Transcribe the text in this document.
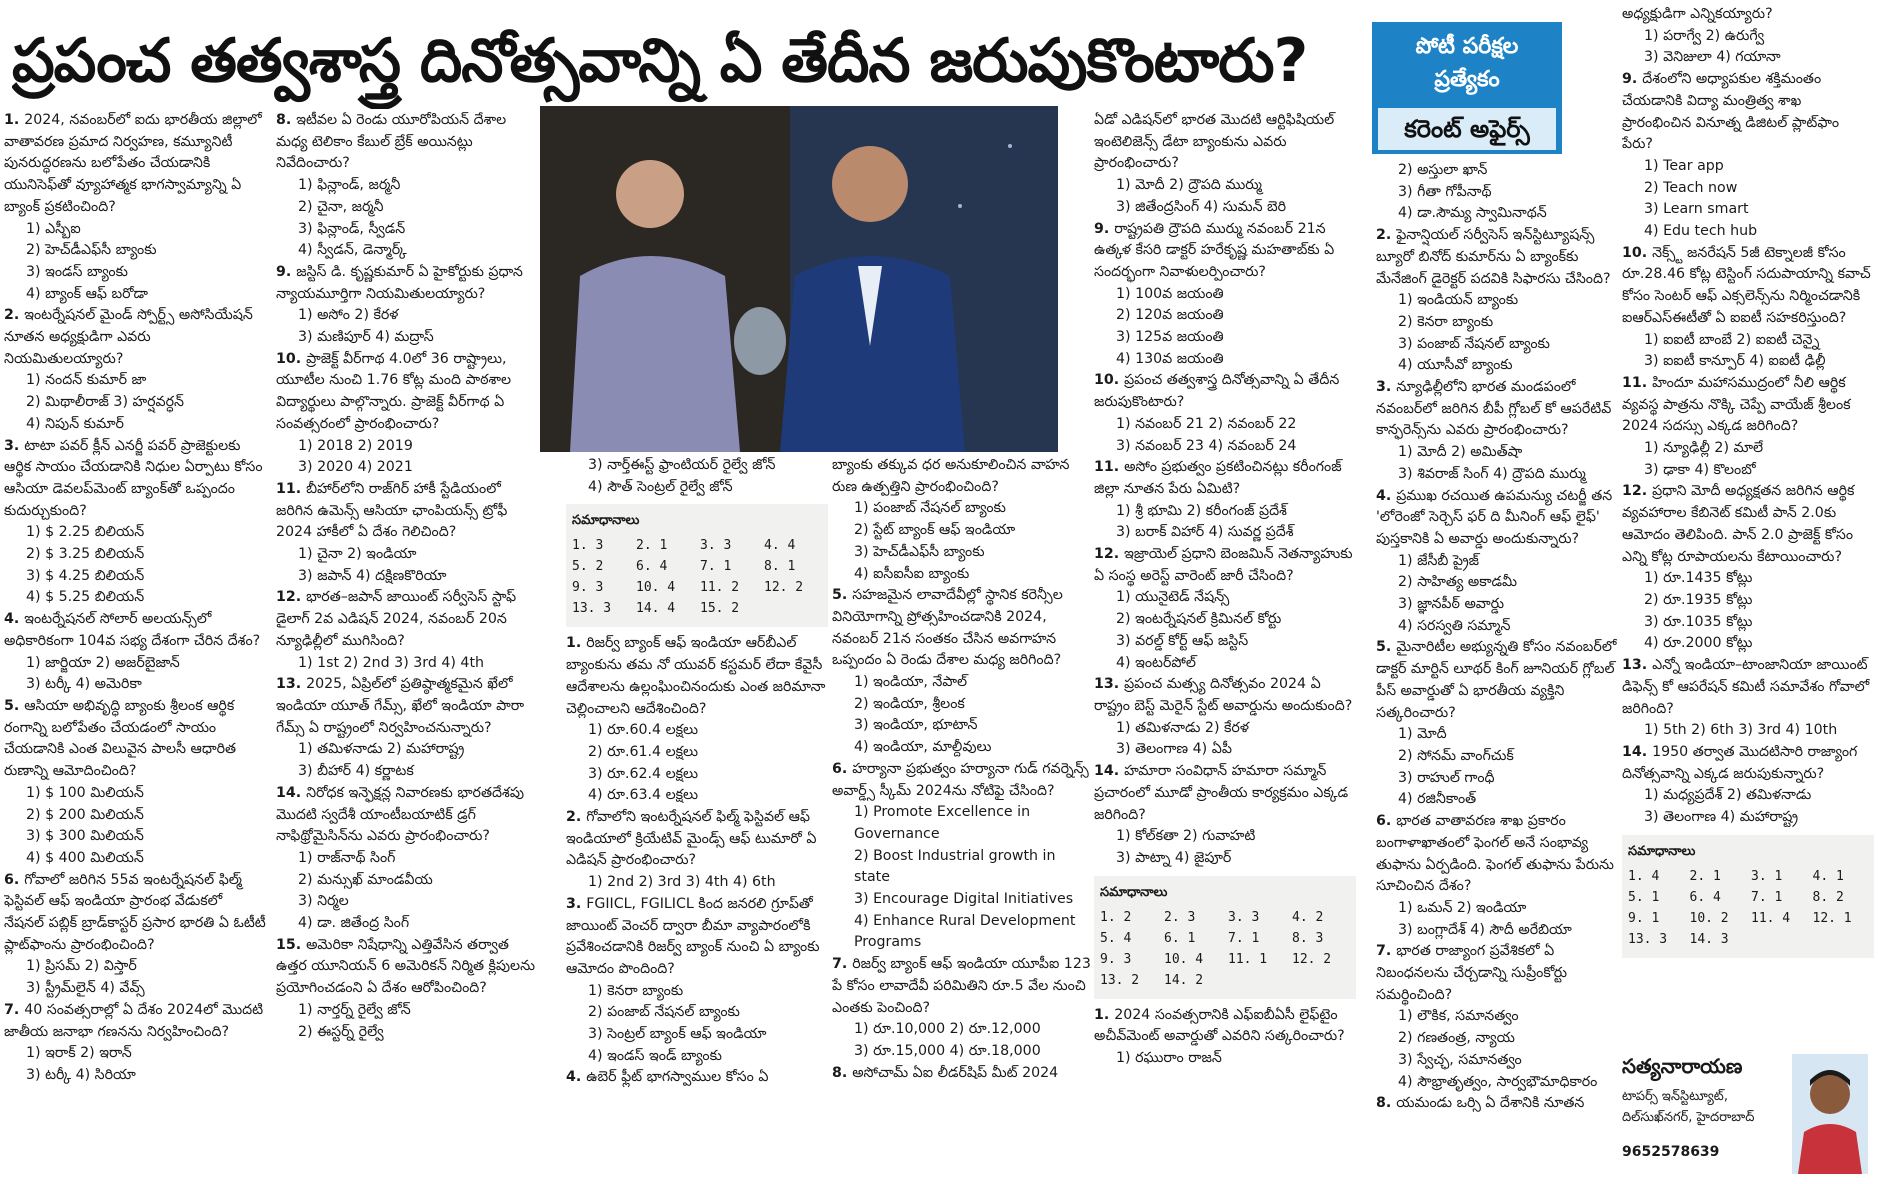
ప్రపంచ తత్వశాస్త్ర దినోత్సవాన్ని ఏ తేదీన జరుపుకొంటారు?	పోటీ పరీక్షల
ప్రత్యేకం
కరెంట్ అఫైర్స్
1. 2024, నవంబర్‌లో ఐదు భారతీయ జిల్లాలో వాతావరణ ప్రమాద నిర్వహణ, కమ్యూనిటీ పునరుద్ధరణను బలోపేతం చేయడానికి యునిసెఫ్‌తో వ్యూహాత్మక భాగస్వామ్యాన్ని ఏ బ్యాంక్ ప్రకటించింది?
1) ఎస్బీఐ
2) హెచ్‌డీఎఫ్‌సీ బ్యాంకు
3) ఇండస్ బ్యాంకు
4) బ్యాంక్ ఆఫ్ బరోడా
2. ఇంటర్నేషనల్ మైండ్ స్పోర్ట్స్ అసోసియేషన్ నూతన అధ్యక్షుడిగా ఎవరు నియమితులయ్యారు?
1) నందన్ కుమార్ జా
2) మిథాలీరాజ్ 3) హర్షవర్ధన్
4) నిపున్ కుమార్
3. టాటా పవర్ క్లీన్ ఎనర్జీ పవర్ ప్రాజెక్టులకు ఆర్థిక సాయం చేయడానికి నిధుల ఏర్పాటు కోసం ఆసియా డెవలప్‌మెంట్ బ్యాంక్‌తో ఒప్పందం కుదుర్చుకుంది?
1) $ 2.25 బిలియన్
2) $ 3.25 బిలియన్
3) $ 4.25 బిలియన్
4) $ 5.25 బిలియన్
4. ఇంటర్నేషనల్ సోలార్ అలయన్స్‌లో అధికారికంగా 104వ సభ్య దేశంగా చేరిన దేశం?
1) జార్జియా 2) అజర్‌బైజాన్
3) టర్కీ 4) అమెరికా
5. ఆసియా అభివృద్ధి బ్యాంకు శ్రీలంక ఆర్థిక రంగాన్ని బలోపేతం చేయడంలో సాయం చేయడానికి ఎంత విలువైన పాలసీ ఆధారిత రుణాన్ని ఆమోదించింది?
1) $ 100 మిలియన్
2) $ 200 మిలియన్
3) $ 300 మిలియన్
4) $ 400 మిలియన్
6. గోవాలో జరిగిన 55వ ఇంటర్నేషనల్ ఫిల్మ్ ఫెస్టివల్ ఆఫ్ ఇండియా ప్రారంభ వేడుకలో నేషనల్ పబ్లిక్ బ్రాడ్‌కాస్టర్ ప్రసార భారతి ఏ ఓటీటీ ప్లాట్‌ఫాంను ప్రారంభించింది?
1) ప్రిసమ్ 2) విస్తార్
3) స్ట్రీమ్‌లైన్ 4) వేవ్స్
7. 40 సంవత్సరాల్లో ఏ దేశం 2024లో మొదటి జాతీయ జనాభా గణనను నిర్వహించింది?
1) ఇరాక్ 2) ఇరాన్
3) టర్కీ 4) సిరియా
8. ఇటీవల ఏ రెండు యూరోపియన్ దేశాల మధ్య టెలికాం కేబుల్ బ్రేక్ అయినట్లు నివేదించారు?
1) ఫిన్లాండ్, జర్మనీ
2) చైనా, జర్మనీ
3) ఫిన్లాండ్, స్వీడన్
4) స్వీడన్, డెన్మార్క్
9. జస్టిస్ డి. కృష్ణకుమార్ ఏ హైకోర్టుకు ప్రధాన న్యాయమూర్తిగా నియమితులయ్యారు?
1) అసోం 2) కేరళ
3) మణిపూర్ 4) మద్రాస్
10. ప్రాజెక్ట్ వీర్‌గాథ 4.0లో 36 రాష్ట్రాలు, యూటీల నుంచి 1.76 కోట్ల మంది పాఠశాల విద్యార్థులు పాల్గొన్నారు. ప్రాజెక్ట్ వీర్‌గాథ ఏ సంవత్సరంలో ప్రారంభించారు?
1) 2018 2) 2019
3) 2020 4) 2021
11. బీహార్‌లోని రాజ్‌గిర్ హాకీ స్టేడియంలో జరిగిన ఉమెన్స్ ఆసియా ఛాంపియన్స్ ట్రోఫీ 2024 హాకీలో ఏ దేశం గెలిచింది?
1) చైనా 2) ఇండియా
3) జపాన్ 4) దక్షిణకొరియా
12. భారత–జపాన్ జాయింట్ సర్వీసెస్ స్టాఫ్ డైలాగ్ 2వ ఎడిషన్ 2024, నవంబర్ 20న న్యూఢిల్లీలో ముగిసింది?
1) 1st 2) 2nd 3) 3rd 4) 4th
13. 2025, ఏప్రిల్‌లో ప్రతిష్ఠాత్మకమైన ఖేలో ఇండియా యూత్ గేమ్స్, ఖేలో ఇండియా పారా గేమ్స్ ఏ రాష్ట్రంలో నిర్వహించనున్నారు?
1) తమిళనాడు 2) మహారాష్ట్ర
3) బీహార్ 4) కర్ణాటక
14. నిరోధక ఇన్ఫెక్షన్ల నివారణకు భారతదేశపు మొదటి స్వదేశీ యాంటీబయాటిక్ డ్రగ్ నాఫిథ్రోమైసిన్‌ను ఎవరు ప్రారంభించారు?
1) రాజ్‌నాథ్ సింగ్
2) మన్సుఖ్ మాండవీయ
3) నిర్మల
4) డా. జితేంద్ర సింగ్
15. అమెరికా నిషేధాన్ని ఎత్తివేసిన తర్వాత ఉత్తర యూనియన్ 6 అమెరికన్ నిర్మిత క్లిపులను ప్రయోగించడంని ఏ దేశం ఆరోపించింది?
1) నార్తర్న్ రైల్వే జోన్
2) ఈస్టర్న్ రైల్వే
3) నార్త్‌ఈస్ట్ ఫ్రాంటియర్ రైల్వే జోన్
4) సౌత్ సెంట్రల్ రైల్వే జోన్
సమాధానాలు
1. 3	2. 1	3. 3	4. 4
5. 2	6. 4	7. 1	8. 1
9. 3	10. 4	11. 2	12. 2
13. 3	14. 4	15. 2
1. రిజర్వ్ బ్యాంక్ ఆఫ్ ఇండియా ఆర్‌బీఎల్ బ్యాంకును తమ నో యువర్ కస్టమర్ లేదా కేవైసీ ఆదేశాలను ఉల్లంఘించినందుకు ఎంత జరిమానా చెల్లించాలని ఆదేశించింది?
1) రూ.60.4 లక్షలు
2) రూ.61.4 లక్షలు
3) రూ.62.4 లక్షలు
4) రూ.63.4 లక్షలు
2. గోవాలోని ఇంటర్నేషనల్ ఫిల్మ్ ఫెస్టివల్ ఆఫ్ ఇండియాలో క్రియేటివ్ మైండ్స్ ఆఫ్ టుమారో ఏ ఎడిషన్ ప్రారంభించారు?
1) 2nd 2) 3rd 3) 4th 4) 6th
3. FGIICL, FGILICL కింద జనరలి గ్రూప్‌తో జాయింట్ వెంచర్ ద్వారా బీమా వ్యాపారంలోకి ప్రవేశించడానికి రిజర్వ్ బ్యాంక్ నుంచి ఏ బ్యాంకు ఆమోదం పొందింది?
1) కెనరా బ్యాంకు
2) పంజాబ్ నేషనల్ బ్యాంకు
3) సెంట్రల్ బ్యాంక్ ఆఫ్ ఇండియా
4) ఇండస్ ఇండ్ బ్యాంకు
4. ఉబెర్ ఫ్లీట్ భాగస్వాముల కోసం ఏ
బ్యాంకు తక్కువ ధర అనుకూలించిన వాహన రుణ ఉత్పత్తిని ప్రారంభించింది?
1) పంజాబ్ నేషనల్ బ్యాంకు
2) స్టేట్ బ్యాంక్ ఆఫ్ ఇండియా
3) హెచ్‌డీఎఫ్‌సీ బ్యాంకు
4) ఐసీఐసీఐ బ్యాంకు
5. సహజమైన లావాదేవీల్లో స్థానిక కరెన్సీల వినియోగాన్ని ప్రోత్సహించడానికి 2024, నవంబర్ 21న సంతకం చేసిన అవగాహన ఒప్పందం ఏ రెండు దేశాల మధ్య జరిగింది?
1) ఇండియా, నేపాల్
2) ఇండియా, శ్రీలంక
3) ఇండియా, భూటాన్
4) ఇండియా, మాల్దీవులు
6. హర్యానా ప్రభుత్వం హర్యానా గుడ్ గవర్నెన్స్ అవార్డ్స్ స్కీమ్ 2024ను నోటిఫై చేసింది?
1) Promote Excellence in Governance
2) Boost Industrial growth in state
3) Encourage Digital Initiatives
4) Enhance Rural Development Programs
7. రిజర్వ్ బ్యాంక్ ఆఫ్ ఇండియా యూపీఐ 123 పే కోసం లావాదేవీ పరిమితిని రూ.5 వేల నుంచి ఎంతకు పెంచింది?
1) రూ.10,000 2) రూ.12,000
3) రూ.15,000 4) రూ.18,000
8. అసోచామ్ ఏఐ లీడర్‌షిప్ మీట్ 2024
ఏడో ఎడిషన్‌లో భారత మొదటి ఆర్టిఫిషియల్ ఇంటెలిజెన్స్ డేటా బ్యాంకును ఎవరు ప్రారంభించారు?
1) మోదీ 2) ద్రౌపది ముర్ము
3) జితేంద్రసింగ్ 4) సుమన్ బెరి
9. రాష్ట్రపతి ద్రౌపది ముర్ము నవంబర్ 21న ఉత్కళ కేసరి డాక్టర్ హరేకృష్ణ మహతాబ్‌కు ఏ సందర్భంగా నివాళులర్పించారు?
1) 100వ జయంతి
2) 120వ జయంతి
3) 125వ జయంతి
4) 130వ జయంతి
10. ప్రపంచ తత్వశాస్త్ర దినోత్సవాన్ని ఏ తేదీన జరుపుకొంటారు?
1) నవంబర్ 21 2) నవంబర్ 22
3) నవంబర్ 23 4) నవంబర్ 24
11. అసోం ప్రభుత్వం ప్రకటించినట్లు కరీంగంజ్ జిల్లా నూతన పేరు ఏమిటి?
1) శ్రీ భూమి 2) కరీంగంజ్ ప్రదేశ్
3) బరాక్ విహార్ 4) సువర్ణ ప్రదేశ్
12. ఇజ్రాయెల్ ప్రధాని బెంజమిన్ నెతన్యాహుకు ఏ సంస్థ అరెస్ట్ వారెంట్ జారీ చేసింది?
1) యునైటెడ్ నేషన్స్
2) ఇంటర్నేషనల్ క్రిమినల్ కోర్టు
3) వరల్డ్ కోర్ట్ ఆఫ్ జస్టిస్
4) ఇంటర్‌పోల్
13. ప్రపంచ మత్స్య దినోత్సవం 2024 ఏ రాష్ట్రం బెస్ట్ మెరైన్ స్టేట్ అవార్డును అందుకుంది?
1) తమిళనాడు 2) కేరళ
3) తెలంగాణ 4) ఏపీ
14. హమారా సంవిధాన్ హమారా సమ్మాన్ ప్రచారంలో మూడో ప్రాంతీయ కార్యక్రమం ఎక్కడ జరిగింది?
1) కోల్‌కతా 2) గువాహటి
3) పాట్నా 4) జైపూర్
సమాధానాలు
1. 2	2. 3	3. 3	4. 2
5. 4	6. 1	7. 1	8. 3
9. 3	10. 4	11. 1	12. 2
13. 2	14. 2
1. 2024 సంవత్సరానికి ఎఫ్ఐబీఏసీ లైఫ్‌టైం అచీవ్‌మెంట్ అవార్డుతో ఎవరిని సత్కరించారు?
1) రఘురాం రాజన్
2) అస్తులా ఖాన్
3) గీతా గోపీనాథ్
4) డా.సౌమ్య స్వామినాథన్
2. ఫైనాన్షియల్ సర్వీసెస్ ఇన్‌స్టిట్యూషన్స్ బ్యూరో బినోద్ కుమార్‌ను ఏ బ్యాంక్‌కు మేనేజింగ్ డైరెక్టర్ పదవికి సిఫారసు చేసింది?
1) ఇండియన్ బ్యాంకు
2) కెనరా బ్యాంకు
3) పంజాబ్ నేషనల్ బ్యాంకు
4) యూసీవో బ్యాంకు
3. న్యూఢిల్లీలోని భారత మండపంలో నవంబర్‌లో జరిగిన బీపీ గ్లోబల్ కో ఆపరేటివ్ కాన్ఫరెన్స్‌ను ఎవరు ప్రారంభించారు?
1) మోదీ 2) అమిత్‌షా
3) శివరాజ్ సింగ్ 4) ద్రౌపది ముర్ము
4. ప్రముఖ రచయిత ఉపమన్యు చటర్జీ తన 'లోరెంజో సెర్చెస్ ఫర్ ది మీనింగ్ ఆఫ్ లైఫ్' పుస్తకానికి ఏ అవార్డు అందుకున్నారు?
1) జేసీబీ ప్రైజ్
2) సాహిత్య అకాడమీ
3) జ్ఞానపీఠ్ అవార్డు
4) సరస్వతి సమ్మాన్
5. మైనారిటీల అభ్యున్నతి కోసం నవంబర్‌లో డాక్టర్ మార్టిన్ లూథర్ కింగ్ జూనియర్ గ్లోబల్ పీస్ అవార్డుతో ఏ భారతీయ వ్యక్తిని సత్కరించారు?
1) మోదీ
2) సోనమ్ వాంగ్‌చుక్
3) రాహుల్ గాంధీ
4) రజినీకాంత్
6. భారత వాతావరణ శాఖ ప్రకారం బంగాళాఖాతంలో ఫెంగల్ అనే సంభావ్య తుఫాను ఏర్పడింది. ఫెంగల్ తుఫాను పేరును సూచించిన దేశం?
1) ఒమన్ 2) ఇండియా
3) బంగ్లాదేశ్ 4) సౌదీ అరేబియా
7. భారత రాజ్యాంగ ప్రవేశికలో ఏ నిబంధనలను చేర్చడాన్ని సుప్రీంకోర్టు సమర్థించింది?
1) లౌకిక, సమానత్వం
2) గణతంత్ర, న్యాయ
3) స్వేచ్ఛ, సమానత్వం
4) సౌభ్రాతృత్వం, సార్వభౌమాధికారం
8. యమండు ఒర్సి ఏ దేశానికి నూతన
అధ్యక్షుడిగా ఎన్నికయ్యారు?
1) పరాగ్వే 2) ఉరుగ్వే
3) వెనిజులా 4) గయానా
9. దేశంలోని అధ్యాపకుల శక్తిమంతం చేయడానికి విద్యా మంత్రిత్వ శాఖ ప్రారంభించిన వినూత్న డిజిటల్ ప్లాట్‌ఫాం పేరు?
1) Tear app
2) Teach now
3) Learn smart
4) Edu tech hub
10. నెక్స్ట్ జనరేషన్ 5జీ టెక్నాలజీ కోసం రూ.28.46 కోట్ల టెస్టింగ్ సదుపాయాన్ని కవాచ్ కోసం సెంటర్ ఆఫ్ ఎక్సలెన్స్‌ను నిర్మించడానికి ఐఆర్ఎస్ఈటీతో ఏ ఐఐటీ సహకరిస్తుంది?
1) ఐఐటీ బాంబే 2) ఐఐటీ చెన్నై
3) ఐఐటీ కాన్పూర్ 4) ఐఐటీ ఢిల్లీ
11. హిందూ మహాసముద్రంలో నీలి ఆర్థిక వ్యవస్థ పాత్రను నొక్కి చెప్పే వాయేజ్ శ్రీలంక 2024 సదస్సు ఎక్కడ జరిగింది?
1) న్యూఢిల్లీ 2) మాలే
3) ఢాకా 4) కొలంబో
12. ప్రధాని మోదీ అధ్యక్షతన జరిగిన ఆర్థిక వ్యవహారాల కేబినెట్ కమిటీ పాన్ 2.0కు ఆమోదం తెలిపింది. పాన్ 2.0 ప్రాజెక్ట్ కోసం ఎన్ని కోట్ల రూపాయలను కేటాయించారు?
1) రూ.1435 కోట్లు
2) రూ.1935 కోట్లు
3) రూ.1035 కోట్లు
4) రూ.2000 కోట్లు
13. ఎన్నో ఇండియా–టాంజానియా జాయింట్ డిఫెన్స్ కో ఆపరేషన్ కమిటీ సమావేశం గోవాలో జరిగింది?
1) 5th 2) 6th 3) 3rd 4) 10th
14. 1950 తర్వాత మొదటిసారి రాజ్యాంగ దినోత్సవాన్ని ఎక్కడ జరుపుకున్నారు?
1) మధ్యప్రదేశ్ 2) తమిళనాడు
3) తెలంగాణ 4) మహారాష్ట్ర
సమాధానాలు
1. 4	2. 1	3. 1	4. 1
5. 1	6. 4	7. 1	8. 2
9. 1	10. 2	11. 4	12. 1
13. 3	14. 3
సత్యనారాయణ
టాపర్స్ ఇన్‌స్టిట్యూట్,
దిల్‌సుఖ్‌నగర్, హైదరాబాద్
9652578639
